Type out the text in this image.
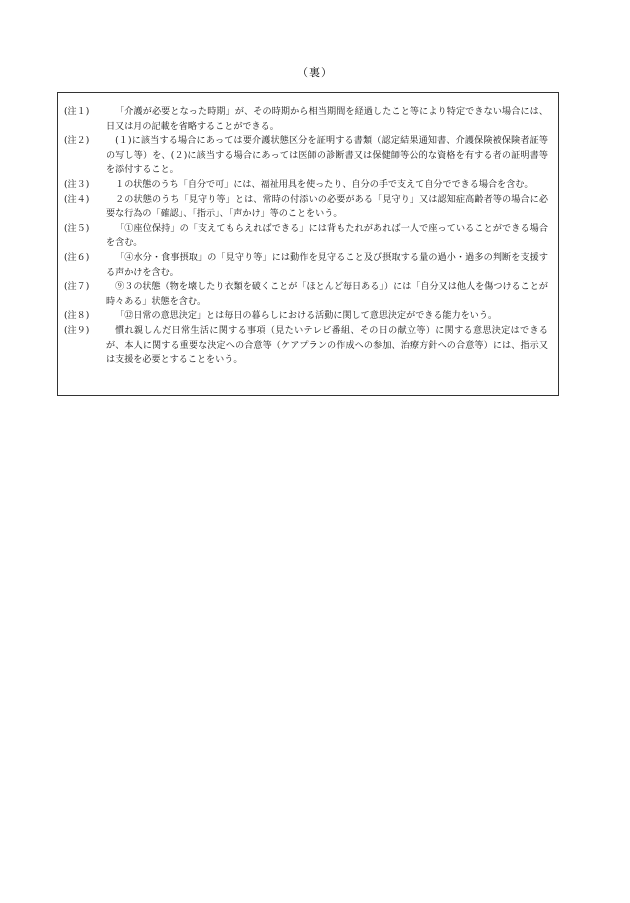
（裏）
(注１)	「介護が必要となった時期」が、その時期から相当期間を経過したこと等により特定できない場合には、日又は月の記載を省略することができる。
(注２)	(１)に該当する場合にあっては要介護状態区分を証明する書類（認定結果通知書、介護保険被保険者証等の写し等）を、(２)に該当する場合にあっては医師の診断書又は保健師等公的な資格を有する者の証明書等を添付すること。
(注３)	１の状態のうち「自分で可」には、福祉用具を使ったり、自分の手で支えて自分でできる場合を含む。
(注４)	２の状態のうち「見守り等」とは、常時の付添いの必要がある「見守り」又は認知症高齢者等の場合に必要な行為の「確認」、「指示」、「声かけ」等のことをいう。
(注５)	「①座位保持」の「支えてもらえればできる」には背もたれがあれば一人で座っていることができる場合を含む。
(注６)	「④水分・食事摂取」の「見守り等」には動作を見守ること及び摂取する量の過小・過多の判断を支援する声かけを含む。
(注７)	⑨３の状態（物を壊したり衣類を破くことが「ほとんど毎日ある」）には「自分又は他人を傷つけることが時々ある」状態を含む。
(注８)	「⑫日常の意思決定」とは毎日の暮らしにおける活動に関して意思決定ができる能力をいう。
(注９)	慣れ親しんだ日常生活に関する事項（見たいテレビ番組、その日の献立等）に関する意思決定はできるが、本人に関する重要な決定への合意等（ケアプランの作成への参加、治療方針への合意等）には、指示又は支援を必要とすることをいう。
